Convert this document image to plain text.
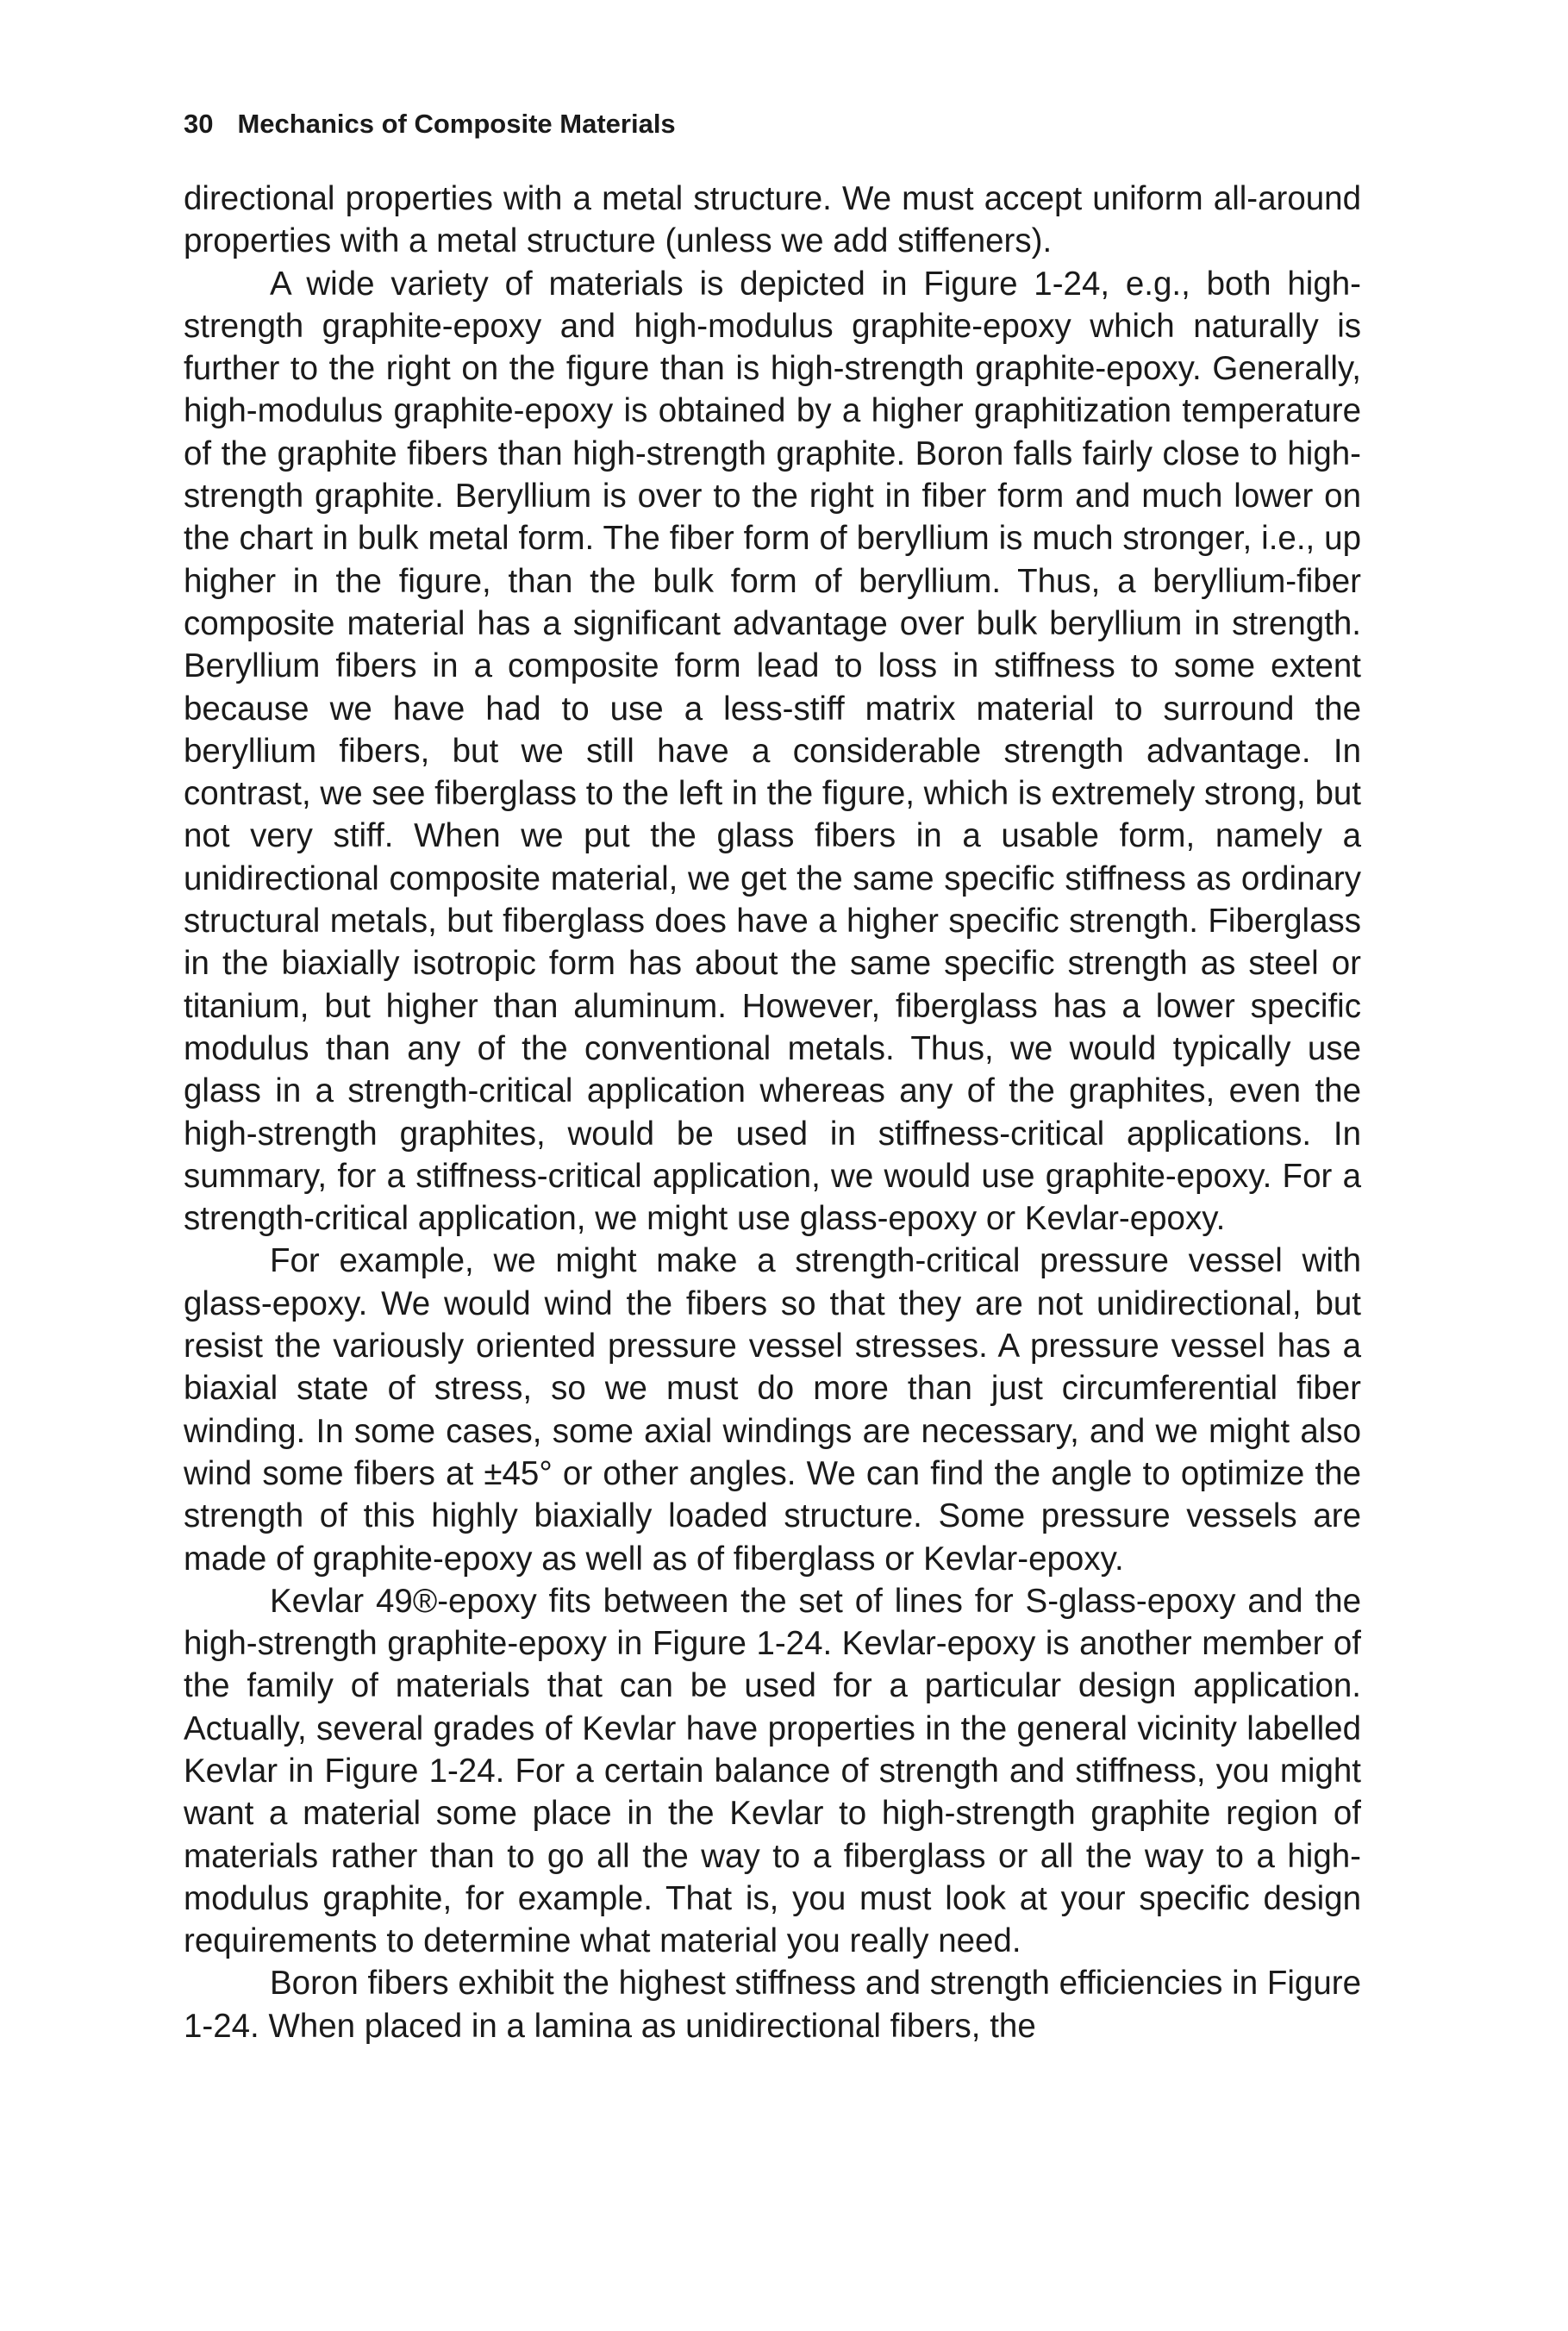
30 Mechanics of Composite Materials

directional properties with a metal structure. We must accept uniform all-around properties with a metal structure (unless we add stiffeners).

A wide variety of materials is depicted in Figure 1-24, e.g., both high-strength graphite-epoxy and high-modulus graphite-epoxy which naturally is further to the right on the figure than is high-strength graphite-epoxy. Generally, high-modulus graphite-epoxy is obtained by a higher graphitization temperature of the graphite fibers than high-strength graphite. Boron falls fairly close to high-strength graphite. Beryllium is over to the right in fiber form and much lower on the chart in bulk metal form. The fiber form of beryllium is much stronger, i.e., up higher in the figure, than the bulk form of beryllium. Thus, a beryllium-fiber composite material has a significant advantage over bulk beryllium in strength. Beryllium fibers in a composite form lead to loss in stiffness to some extent because we have had to use a less-stiff matrix material to surround the beryllium fibers, but we still have a considerable strength advantage. In contrast, we see fiberglass to the left in the figure, which is extremely strong, but not very stiff. When we put the glass fibers in a usable form, namely a unidirectional composite material, we get the same specific stiffness as ordinary structural metals, but fiberglass does have a higher specific strength. Fiberglass in the biaxially isotropic form has about the same specific strength as steel or titanium, but higher than aluminum. However, fiberglass has a lower specific modulus than any of the conventional metals. Thus, we would typically use glass in a strength-critical application whereas any of the graphites, even the high-strength graphites, would be used in stiffness-critical applications. In summary, for a stiffness-critical application, we would use graphite-epoxy. For a strength-critical application, we might use glass-epoxy or Kevlar-epoxy.

For example, we might make a strength-critical pressure vessel with glass-epoxy. We would wind the fibers so that they are not unidirectional, but resist the variously oriented pressure vessel stresses. A pressure vessel has a biaxial state of stress, so we must do more than just circumferential fiber winding. In some cases, some axial windings are necessary, and we might also wind some fibers at ±45° or other angles. We can find the angle to optimize the strength of this highly biaxially loaded structure. Some pressure vessels are made of graphite-epoxy as well as of fiberglass or Kevlar-epoxy.

Kevlar 49®-epoxy fits between the set of lines for S-glass-epoxy and the high-strength graphite-epoxy in Figure 1-24. Kevlar-epoxy is another member of the family of materials that can be used for a particular design application. Actually, several grades of Kevlar have properties in the general vicinity labelled Kevlar in Figure 1-24. For a certain balance of strength and stiffness, you might want a material some place in the Kevlar to high-strength graphite region of materials rather than to go all the way to a fiberglass or all the way to a high-modulus graphite, for example. That is, you must look at your specific design requirements to determine what material you really need.

Boron fibers exhibit the highest stiffness and strength efficiencies in Figure 1-24. When placed in a lamina as unidirectional fibers, the
